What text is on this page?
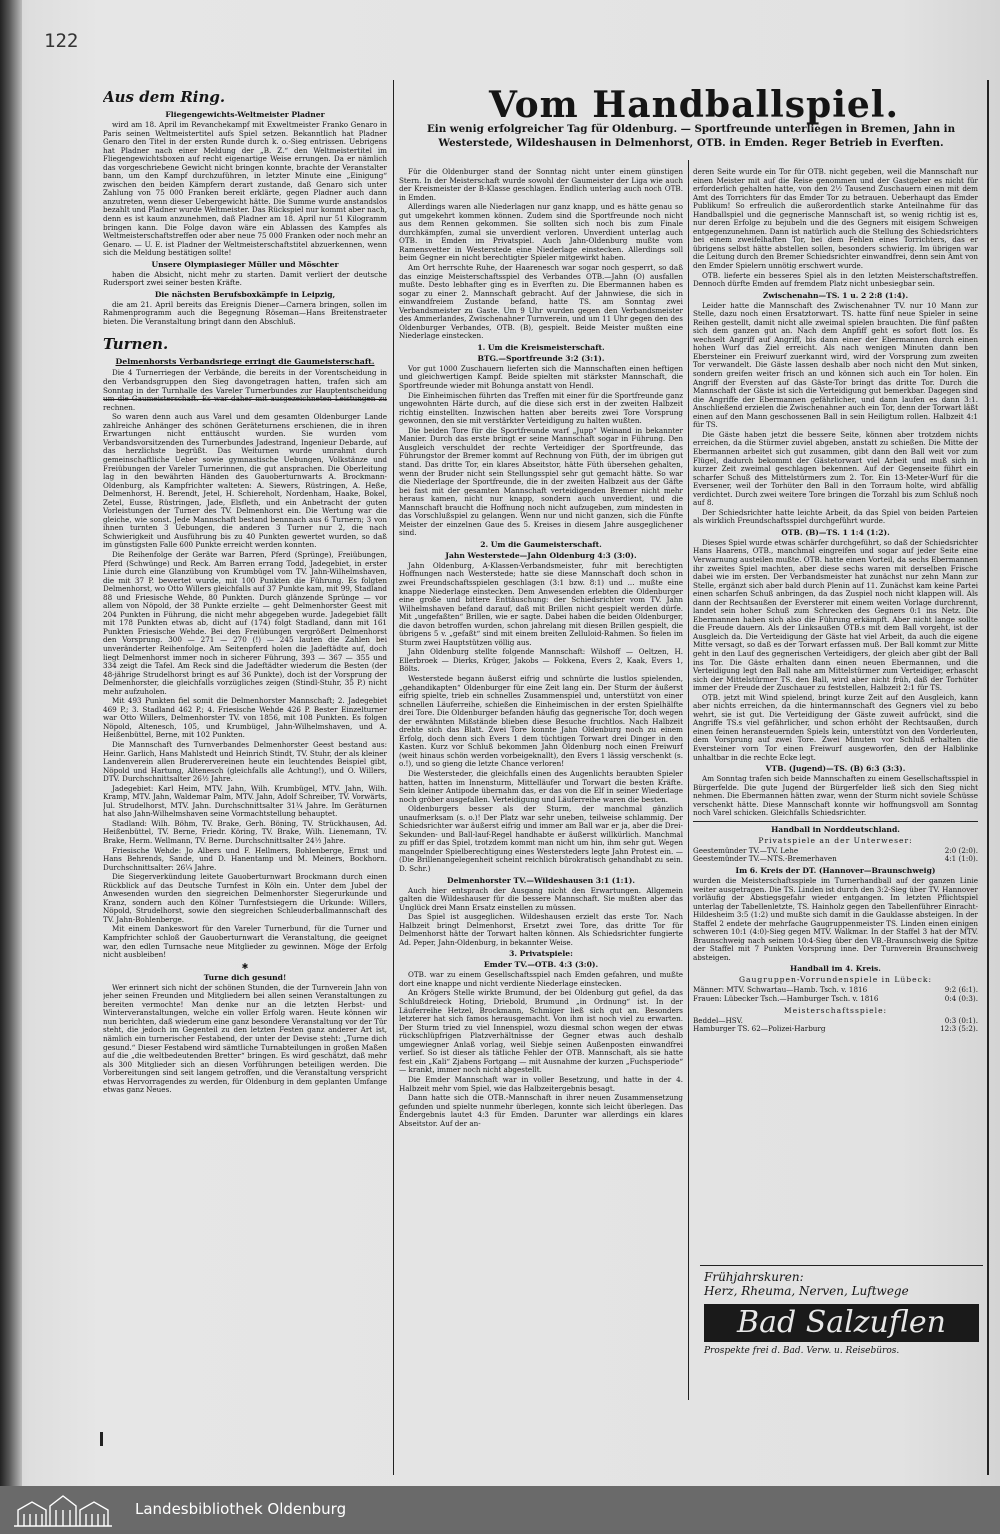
122
Aus dem Ring.
Fliegengewichts-Weltmeister Pladner

wird am 18. April im Revanchekampf mit Exweltmeister Franko Genaro in Paris seinen Weltmeistertitel aufs Spiel setzen. Bekanntlich hat Pladner Genaro den Titel in der ersten Runde durch k. o.-Sieg entrissen. Uebrigens hat Pladner nach einer Meldung der „B. Z.“ den Weltmeistertitel im Fliegengewichtsboxen auf recht eigenartige Weise errungen. Da er nämlich das vorgeschriebene Gewicht nicht bringen konnte, brachte der Veranstalter bann, um den Kampf durchzuführen, in letzter Minute eine „Einigung“ zwischen den beiden Kämpfern derart zustande, daß Genaro sich unter Zahlung von 75 000 Franken bereit erklärte, gegen Pladner auch dann anzutreten, wenn dieser Uebergewicht hätte. Die Summe wurde anstandslos bezahlt und Pladner wurde Weltmeister. Das Rückspiel nur kommt aber nach, denn es ist kaum anzunehmen, daß Pladner am 18. April nur 51 Kilogramm bringen kann. Die Folge davon wäre ein Ablassen des Kampfes als Weltmeisterschaftstreffen oder aber neue 75 000 Franken oder noch mehr an Genaro. — U. E. ist Pladner der Weltmeisterschaftstitel abzuerkennen, wenn sich die Meldung bestätigen sollte!

Unsere Olympiasieger Müller und Möschter

haben die Absicht, nicht mehr zu starten. Damit verliert der deutsche Rudersport zwei seiner besten Kräfte.

Die nächsten Berufsboxkämpfe in Leipzig,

die am 21. April bereits das Ereignis Diener—Carnera bringen, sollen im Rahmenprogramm auch die Begegnung Röseman—Hans Breitenstraeter bieten. Die Veranstaltung bringt dann den Abschluß.

Turnen.
Delmenhorsts Verbandsriege erringt die Gaumeisterschaft.

Die 4 Turnerriegen der Verbände, die bereits in der Vorentscheidung in den Verbandsgruppen den Sieg davongetragen hatten, trafen sich am Sonntag in der Turnhalle des Vareler Turnerbundes zur Hauptentscheidung um die Gaumeisterschaft. Es war daher mit ausgezeichneten Leistungen zu rechnen.

So waren denn auch aus Varel und dem gesamten Oldenburger Lande zahlreiche Anhänger des schönen Geräteturnens erschienen, die in ihren Erwartungen nicht enttäuscht wurden. Sie wurden vom Verbandsvorsitzenden des Turnerbundes Jadestrand, Ingenieur Debarde, auf das herzlichste begrüßt. Das Weiturnen wurde umrahmt durch gemeinschaftliche Ueber sowie gymnastische Uebungen, Volkstänze und Freiübungen der Vareler Turnerinnen, die gut ansprachen. Die Oberleitung lag in den bewährten Händen des Gauoberturnwarts A. Brockmann-Oldenburg, als Kampfrichter walteten: A. Siewers, Rüstringen, A. Heße, Delmenhorst, H. Berendt, Jetel, H. Schiereholt, Nordenham, Haake, Bokel, Zetel, Eusse, Rüstringen, Jade, Elsfleth, und ein Anbetracht der guten Vorleistungen der Turner des TV. Delmenhorst ein. Die Wertung war die gleiche, wie sonst. Jede Mannschaft bestand bennnach aus 6 Turnern; 3 von ihnen turnten 3 Uebungen, die anderen 3 Turner nur 2, die nach Schwierigkeit und Ausführung bis zu 40 Punkten gewertet wurden, so daß im günstigsten Falle 600 Punkte erreicht werden konnten.

Die Reihenfolge der Geräte war Barren, Pferd (Sprünge), Freiübungen, Pferd (Schwünge) und Reck. Am Barren errang Todd, Jadegebiet, in erster Linie durch eine Glanzübung von Krumbügel vom TV. Jahn-Wilhelmshaven, die mit 37 P. bewertet wurde, mit 100 Punkten die Führung. Es folgten Delmenhorst, wo Otto Willers gleichfalls auf 37 Punkte kam, mit 99, Stadland 88 und Friesische Wehde, 80 Punkten. Durch glänzende Sprünge — vor allem von Nöpold, der 38 Punkte erzielte — geht Delmenhorster Geest mit 204 Punkten in Führung, die nicht mehr abgegeben wurde. Jadegebiet fällt mit 178 Punkten etwas ab, dicht auf (174) folgt Stadland, dann mit 161 Punkten Friesische Wehde. Bei den Freiübungen vergrößert Delmenhorst den Vorsprung. 300 — 271 — 270 (!) — 245 lauten die Zahlen bei unveränderter Reihenfolge. Am Seitenpferd holen die Jadeftädte auf, doch liegt Delmenhorst immer noch in sicherer Führung, 393 — 367 — 355 und 334 zeigt die Tafel. Am Reck sind die Jadeftädter wiederum die Besten (der 48-jährige Strudelhorst bringt es auf 36 Punkte), doch ist der Vorsprung der Delmenhorster, die gleichfalls vorzügliches zeigen (Stindl-Stuhr, 35 P.) nicht mehr aufzuholen.

Mit 493 Punkten fiel somit die Delmenhorster Mannschaft; 2. Jadegebiet 469 P.; 3. Stadland 462 P.; 4. Friesische Wehde 426 P. Bester Einzelturner war Otto Willers, Delmenhorster TV. von 1856, mit 108 Punkten. Es folgen Nöpold, Altenesch, 105, und Krumbügel, Jahn-Wilhelmshaven, und A. Heißenbüttel, Berne, mit 102 Punkten.

Die Mannschaft des Turnverbandes Delmenhorster Geest bestand aus: Heinr. Garlich, Hans Mahlstedt und Heinrich Stindt, TV. Stuhr, der als kleiner Landenverein allen Bruderervereinen heute ein leuchtendes Beispiel gibt, Nöpold und Hartung, Altenesch (gleichfalls alle Achtung!), und O. Willers, DTV. Durchschnittsalter 26½ Jahre.

Jadegebiet: Karl Heim, MTV. Jahn, Wilh. Krumbügel, MTV. Jahn, Wilh. Kramp, MTV. Jahn, Waldemar Palm, MTV. Jahn, Adolf Schreiber, TV. Vorwärts, Jul. Strudelhorst, MTV. Jahn. Durchschnittsalter 31¼ Jahre. Im Geräturnen hat also Jahn-Wilhelmshaven seine Vormachtstellung behauptet.

Stadland: Wilh. Böhm, TV. Brake, Gerh. Böning, TV. Strückhausen, Ad. Heißenbüttel, TV. Berne, Friedr. Köring, TV. Brake, Wilh. Lienemann, TV. Brake, Herm. Wellmann, TV. Berne. Durchschnittsalter 24½ Jahre.

Friesische Wehde: Jo Albers und F. Hellmers, Bohlenberge, Ernst und Hans Behrends, Sande, und D. Hanentamp und M. Meiners, Bockhorn. Durchschnittsalter: 26¼ Jahre.

Die Siegerverkündung leitete Gauoberturnwart Brockmann durch einen Rückblick auf das Deutsche Turnfest in Köln ein. Unter dem Jubel der Anwesenden wurden den siegreichen Delmenhorster Siegerurkunde und Kranz, sondern auch den Kölner Turnfestsiegern die Urkunde: Willers, Nöpold, Strudelhorst, sowie den siegreichen Schleuderballmannschaft des TV. Jahn-Bohlenberge.

Mit einem Dankeswort für den Vareler Turnerbund, für die Turner und Kampfrichter schloß der Gauoberturnwart die Veranstaltung, die geeignet war, den edlen Turnsache neue Mitglieder zu gewinnen. Möge der Erfolg nicht ausbleiben!

✱
Turne dich gesund!

Wer erinnert sich nicht der schönen Stunden, die der Turnverein Jahn von jeher seinen Freunden und Mitgliedern bei allen seinen Veranstaltungen zu bereiten vermochte! Man denke nur an die letzten Herbst- und Winterveranstaltungen, welche ein voller Erfolg waren. Heute können wir nun berichten, daß wiederum eine ganz besondere Veranstaltung vor der Tür steht, die jedoch im Gegenteil zu den letzten Festen ganz anderer Art ist, nämlich ein turnerischer Festabend, der unter der Devise steht: „Turne dich gesund.“ Dieser Festabend wird sämtliche Turnabteilungen in großen Maßen auf die „die weltbedeutenden Bretter“ bringen. Es wird geschätzt, daß mehr als 300 Mitglieder sich an diesen Vorführungen beteiligen werden. Die Vorbereitungen sind seit langem getroffen, und die Veranstaltung verspricht etwas Hervorragendes zu werden, für Oldenburg in dem geplanten Umfange etwas ganz Neues.

Vom Handballspiel.
Ein wenig erfolgreicher Tag für Oldenburg. — Sportfreunde unterliegen in Bremen, Jahn in Westerstede, Wildeshausen in Delmenhorst, OTB. in Emden. Reger Betrieb in Everften.

Für die Oldenburger stand der Sonntag nicht unter einem günstigen Stern. In der Meisterschaft wurde sowohl der Gaumeister der Liga wie auch der Kreismeister der B-Klasse geschlagen. Endlich unterlag auch noch OTB. in Emden.

Allerdings waren alle Niederlagen nur ganz knapp, und es hätte genau so gut umgekehrt kommen können. Zudem sind die Sportfreunde noch nicht aus dem Rennen gekommen. Sie sollten sich noch bis zum Finale durchkämpfen, zumal sie unverdient verloren. Unverdient unterlag auch OTB. in Emden im Privatspiel. Auch Jahn-Oldenburg mußte vom Ramensvetter in Westerstede eine Niederlage einstecken. Allerdings soll beim Gegner ein nicht berechtigter Spieler mitgewirkt haben.

Am Ort herrschte Ruhe, der Haarenesch war sogar noch gesperrt, so daß das einzige Meisterschaftsspiel des Verbandes OTB.—Jahn (O) ausfallen mußte. Desto lebhafter ging es in Everften zu. Die Ebermannen haben es sogar zu einer 2. Mannschaft gebracht. Auf der Jahnwiese, die sich in einwandfreiem Zustande befand, hatte TS. am Sonntag zwei Verbandsmeister zu Gaste. Um 9 Uhr wurden gegen den Verbandsmeister des Ammerlandes, Zwischenahner Turnverein, und um 11 Uhr gegen den des Oldenburger Verbandes, OTB. (B), gespielt. Beide Meister mußten eine Niederlage einstecken.

1. Um die Kreismeisterschaft.
BTG.—Sportfreunde 3:2 (3:1).

Vor gut 1000 Zuschauern lieferten sich die Mannschaften einen heftigen und gleichwertigen Kampf. Beide spielten mit stärkster Mannschaft, die Sportfreunde wieder mit Bohunga anstatt von Hendl.

Die Einheimischen führten das Treffen mit einer für die Sportfreunde ganz ungewohnten Härte durch, auf die diese sich erst in der zweiten Halbzeit richtig einstellten. Inzwischen hatten aber bereits zwei Tore Vorsprung gewonnen, den sie mit verstärkter Verteidigung zu halten wußten.

Die beiden Tore für die Sportfreunde warf „Jupp“ Weinand in bekannter Manier. Durch das erste bringt er seine Mannschaft sogar in Führung. Den Ausgleich verschuldet der rechte Verteidiger der Sportfreunde, das Führungstor der Bremer kommt auf Rechnung von Füth, der im übrigen gut stand. Das dritte Tor, ein klares Abseitstor, hätte Füth übersehen gehalten, wenn der Bruder nicht sein Stellungsspiel sehr gut gemacht hätte. So war die Niederlage der Sportfreunde, die in der zweiten Halbzeit aus der Gäfte bei fast mit der gesamten Mannschaft verteidigenden Bremer nicht mehr heraus kamen, nicht nur knapp, sondern auch unverdient, und die Mannschaft braucht die Hoffnung noch nicht aufzugeben, zum mindesten in das Vorschlußspiel zu gelangen. Wenn nur und nicht ganzen, sich die Fünfte Meister der einzelnen Gaue des 5. Kreises in diesem Jahre ausgeglichener sind.

2. Um die Gaumeisterschaft.
Jahn Westerstede—Jahn Oldenburg 4:3 (3:0).

Jahn Oldenburg, A-Klassen-Verbandsmeister, fuhr mit berechtigten Hoffnungen nach Westerstede; hatte sie diese Mannschaft doch schon in zwei Freundschaftsspielen geschlagen (3:1 bzw. 8:1) und ... mußte eine knappe Niederlage einstecken. Dem Anwesenden erlebten die Oldenburger eine große und bittere Enttäuschung: der Schiedsrichter vom TV. Jahn Wilhelmshaven befand darauf, daß mit Brillen nicht gespielt werden dürfe. Mit „ungefaßten“ Brillen, wie er sagte. Dabei haben die beiden Oldenburger, die davon betroffen wurden, schon jahrelang mit diesen Brillen gespielt, die übrigens 5 v. „gefaßt“ sind mit einem breiten Zelluloid-Rahmen. So fielen im Sturm zwei Hauptstützen völlig aus.

Jahn Oldenburg stellte folgende Mannschaft: Wilshoff — Oeltzen, H. Ellerbroek — Dierks, Krüger, Jakobs — Fokkena, Evers 2, Kaak, Evers 1, Bölts.

Westerstede begann äußerst eifrig und schnürte die lustlos spielenden, „gehandikapten“ Oldenburger für eine Zeit lang ein. Der Sturm der äußerst eifrig spielte, trieb ein schnelles Zusammenspiel und, unterstützt von einer schnellen Läuferreihe, schießen die Einheimischen in der ersten Spielhälfte drei Tore. Die Oldenburger befanden häufig das gegnerische Tor, doch wegen der erwähnten Mißstände blieben diese Besuche fruchtlos. Nach Halbzeit drehte sich das Blatt. Zwei Tore konnte Jahn Oldenburg noch zu einem Erfolg, doch denn sich Evers 1 dem tüchtigen Torwart drei Dinger in den Kasten. Kurz vor Schluß bekommen Jahn Oldenburg noch einen Freiwurf (weit hinaus schön werden vorbeigeknallt), den Evers 1 lässig verschenkt (s. o.!), und so gieng die letzte Chance verloren!

Die Westersteder, die gleichfalls einen des Augenlichts beraubten Spieler hatten, hatten im Innensturm, Mittelläufer und Torwart die besten Kräfte. Sein kleiner Antipode übernahm das, er das von die Elf in seiner Wiederlage noch gröber ausgefallen. Verteidigung und Läuferreihe waren die besten.

Oldenburgers besser als der Sturm, der manchmal gänzlich unaufmerksam (s. o.)! Der Platz war sehr uneben, teilweise schlammig. Der Schiedsrichter war äußerst eifrig und immer am Ball war er ja, aber die Drei-Sekunden- und Ball-lauf-Regel handhabte er äußerst willkürlich. Manchmal zu pfiff er das Spiel, trotzdem kommt man nicht um hin, ihm sehr gut. Wegen mangelnder Spielberechtigung eines Westersteders legte Jahn Protest ein. — (Die Brillenangelegenheit scheint reichlich bürokratisch gehandhabt zu sein. D. Schr.)

Delmenhorster TV.—Wildeshausen 3:1 (1:1).

Auch hier entsprach der Ausgang nicht den Erwartungen. Allgemein galten die Wildeshauser für die bessere Mannschaft. Sie mußten aber das Unglück drei Mann Ersatz einstellen zu müssen.

Das Spiel ist ausgeglichen. Wildeshausen erzielt das erste Tor. Nach Halbzeit bringt Delmenhorst, Ersetzt zwei Tore, das dritte Tor für Delmenhorst hätte der Torwart halten können. Als Schiedsrichter fungierte Ad. Peper, Jahn-Oldenburg, in bekannter Weise.

3. Privatspiele:
Emder TV.—OTB. 4:3 (3:0).

OTB. war zu einem Gesellschaftsspiel nach Emden gefahren, und mußte dort eine knappe und nicht verdiente Niederlage einstecken.

An Krögers Stelle wirkte Brumund, der bei Oldenburg gut gefiel, da das Schlußdreieck Hoting, Driebold, Brumund „in Ordnung“ ist. In der Läuferreihe Hetzel, Brockmann, Schmiger ließ sich gut an. Besonders letzterer hat sich famos herausgemacht. Von ihm ist noch viel zu erwarten. Der Sturm tried zu viel Innenspiel, wozu diesmal schon wegen der etwas rückschlüpfrigen Platzverhältnisse der Gegner etwas auch deshalb umgewiegner Anlaß vorlag, weil Siebje seinen Außenposten einwandfrei verlief. So ist dieser als tätliche Fehler der OTB. Mannschaft, als sie hatte fest ein „Kali“ Zjabens Fortgang — mit Ausnahme der kurzen „Fuchsperiode“ — krankt, immer noch nicht abgestellt.

Die Emder Mannschaft war in voller Besetzung, und hatte in der 4. Halbzeit mehr vom Spiel, wie das Halbzeitergebnis besagt.

Dann hatte sich die OTB.-Mannschaft in ihrer neuen Zusammensetzung gefunden und spielte nunmehr überlegen, konnte sich leicht überlegen. Das Endergebnis lautet 4:3 für Emden. Darunter war allerdings ein klares Abseitstor. Auf der an-

deren Seite wurde ein Tor für OTB. nicht gegeben, weil die Mannschaft nur einen Meister mit auf die Reise genommen und der Gastgeber es nicht für erforderlich gehalten hatte, von den 2½ Tausend Zuschauern einen mit dem Amt des Torrichters für das Emder Tor zu betrauen. Ueberhaupt das Emder Publikum! So erfreulich die außerordentlich starke Anteilnahme für das Handballspiel und die gegnerische Mannschaft ist, so wenig richtig ist es, nur deren Erfolge zu bejubeln und die des Gegners mit eisigem Schweigen entgegenzunehmen. Dann ist natürlich auch die Stellung des Schiedsrichters bei einem zweifelhaften Tor, bei dem Fehlen eines Torrichters, das er übrigens selbst hätte abstellen sollen, besonders schwierig. Im übrigen war die Leitung durch den Bremer Schiedsrichter einwandfrei, denn sein Amt von den Emder Spielern unnötig erschwert wurde.

OTB. lieferte ein besseres Spiel als in den letzten Meisterschaftstreffen. Dennoch dürfte Emden auf fremdem Platz nicht unbesiegbar sein.

Zwischenahn—TS. 1 u. 2 2:8 (1:4).

Leider hatte die Mannschaft des Zwischenahner TV. nur 10 Mann zur Stelle, dazu noch einen Ersatztorwart. TS. hatte fünf neue Spieler in seine Reihen gestellt, damit nicht alle zweimal spielen brauchten. Die fünf paßten sich dem ganzen gut an. Nach dem Anpfiff geht es sofort flott los. Es wechselt Angriff auf Angriff, bis dann einer der Ebermannen durch einen hohen Wurf das Ziel erreicht. Als nach wenigen Minuten dann ben Ebersteiner ein Freiwurf zuerkannt wird, wird der Vorsprung zum zweiten Tor verwandelt. Die Gäste lassen deshalb aber noch nicht den Mut sinken, sondern greifen weiter frisch an und können sich auch ein Tor holen. Ein Angriff der Eversten auf das Gäste-Tor bringt das dritte Tor. Durch die Mannschaft der Gäste ist sich die Verteidigung gut bemerkbar. Dagegen sind die Angriffe der Ebermannen gefährlicher, und dann laufen es dann 3:1. Anschließend erzielen die Zwischenahner auch ein Tor, denn der Torwart läßt einen auf den Mann geschossenen Ball in sein Heiligtum rollen. Halbzeit 4:1 für TS.

Die Gäste haben jetzt die bessere Seite, können aber trotzdem nichts erreichen, da die Stürmer zuviel abgeben, anstatt zu schießen. Die Mitte der Ebermannen arbeitet sich gut zusammen, gibt dann den Ball weit vor zum Flügel, dadurch bekommt der Gästetorwart viel Arbeit und muß sich in kurzer Zeit zweimal geschlagen bekennen. Auf der Gegenseite führt ein scharfer Schuß des Mittelstürmers zum 2. Tor. Ein 13-Meter-Wurf für die Eversener, weil der Torhüter den Ball in den Torraum holte, wird abfällig verdichtet. Durch zwei weitere Tore bringen die Torzahl bis zum Schluß noch auf 8.

Der Schiedsrichter hatte leichte Arbeit, da das Spiel von beiden Parteien als wirklich Freundschaftsspiel durchgeführt wurde.

OTB. (B)—TS. 1 1:4 (1:2).

Dieses Spiel wurde etwas schärfer durchgeführt, so daß der Schiedsrichter Hans Haarens, OTB., manchmal eingreifen und sogar auf jeder Seite eine Verwarnung austeilen mußte. OTB. hatte einen Vorteil, da sechs Ebermannen ihr zweites Spiel machten, aber diese sechs waren mit derselben Frische dabei wie im ersten. Der Verbandsmeister hat zunächst nur zehn Mann zur Stelle, ergänzt sich aber bald durch Plenin auf 11. Zunächst kam keine Partei einen scharfen Schuß anbringen, da das Zuspiel noch nicht klappen will. Als dann der Rechtsaußen der Eversterer mit einem weiten Vorlage durchrennt, landet sein hoher Schuß zum Schrecken des Gegners 0:1 ins Netz. Die Ebermannen haben sich also die Führung erkämpft. Aber nicht lange sollte die Freude dauern. Als der Linksaußen OTB.s mit dem Ball vorgeht, ist der Ausgleich da. Die Verteidigung der Gäste hat viel Arbeit, da auch die eigene Mitte versagt, so daß es der Torwart erfassen muß. Der Ball kommt zur Mitte geht in den Lauf des gegnerischen Verteidigers, der gleich aber gibt der Ball ins Tor. Die Gäste erhalten dann einen neuen Ebermannen, und die Verteidigung legt den Ball nahe am Mittelstürmer zum Verteidiger, erhascht sich der Mittelstürmer TS. den Ball, wird aber nicht früh, daß der Torhüter immer der Freude der Zuschauer zu feststellen, Halbzeit 2:1 für TS.

OTB. jetzt mit Wind spielend, bringt kurze Zeit auf den Ausgleich, kann aber nichts erreichen, da die hintermannschaft des Gegners viel zu bebo wehrt, sie ist gut. Die Verteidigung der Gäste zuweit aufrückt, sind die Angriffe TS.s viel gefährlicher, und schon erhöht der Rechtsaußen, durch einen feinen heransteuernden Spiels kein, unterstützt von den Vorderleuten, dem Vorsprung auf zwei Tore. Zwei Minuten vor Schluß erhalten die Eversteiner vorn Tor einen Freiwurf ausgeworfen, den der Halblinke unhaltbar in die rechte Ecke legt.

VTB. (Jugend)—TS. (B) 6:3 (3:3).

Am Sonntag trafen sich beide Mannschaften zu einem Gesellschaftsspiel in Bürgerfelde. Die gute Jugend der Bürgerfelder ließ sich den Sieg nicht nehmen. Die Ebermannen hätten zwar, wenn der Sturm nicht soviele Schüsse verschenkt hätte. Diese Mannschaft konnte wir hoffnungsvoll am Sonntag noch Varel schicken. Gleichfalls Schiedsrichter.

Handball in Norddeutschland.
Privatspiele an der Unterweser:
Geestemünder TV.—TV. Lehe	2:0 (2:0).
Geestemünder TV.—NTS.-Bremerhaven	4:1 (1:0).
Im 6. Kreis der DT. (Hannover—Braunschweig)

wurden die Meisterschaftsspiele im Turnerhandball auf der ganzen Linie weiter ausgetragen. Die TS. Linden ist durch den 3:2-Sieg über TV. Hannover vorläufig der Abstiegsgefahr wieder entgangen. Im letzten Pflichtspiel unterlag der Tabellenletzte, TS. Hainholz gegen den Tabellenführer Einracht-Hildesheim 3:5 (1:2) und mußte sich damit in die Gauklasse absteigen. In der Staffel 2 endete der mehrfache Gaugruppenmeister TS. Linden einen einigen schweren 10:1 (4:0)-Sieg gegen MTV. Walkmar. In der Staffel 3 hat der MTV. Braunschweig nach seinem 10:4-Sieg über den VB.-Braunschweig die Spitze der Staffel mit 7 Punkten Vorsprung inne. Der Turnverein Braunschweig absteigen.

Handball im 4. Kreis.
Gaugruppen-Vorrundenspiele in Lübeck:
Männer: MTV. Schwartau—Hamb. Tsch. v. 1816	9:2 (6:1).
Frauen: Lübecker Tsch.—Hamburger Tsch. v. 1816	0:4 (0:3).
Meisterschaftsspiele:
Beddel—HSV.	0:3 (0:1).
Hamburger TS. 62—Polizei-Harburg	12:3 (5:2).
Frühjahrskuren:
Herz, Rheuma, Nerven, Luftwege
Bad Salzuflen
Prospekte frei d. Bad. Verw. u. Reisebüros.
Landesbibliothek Oldenburg
